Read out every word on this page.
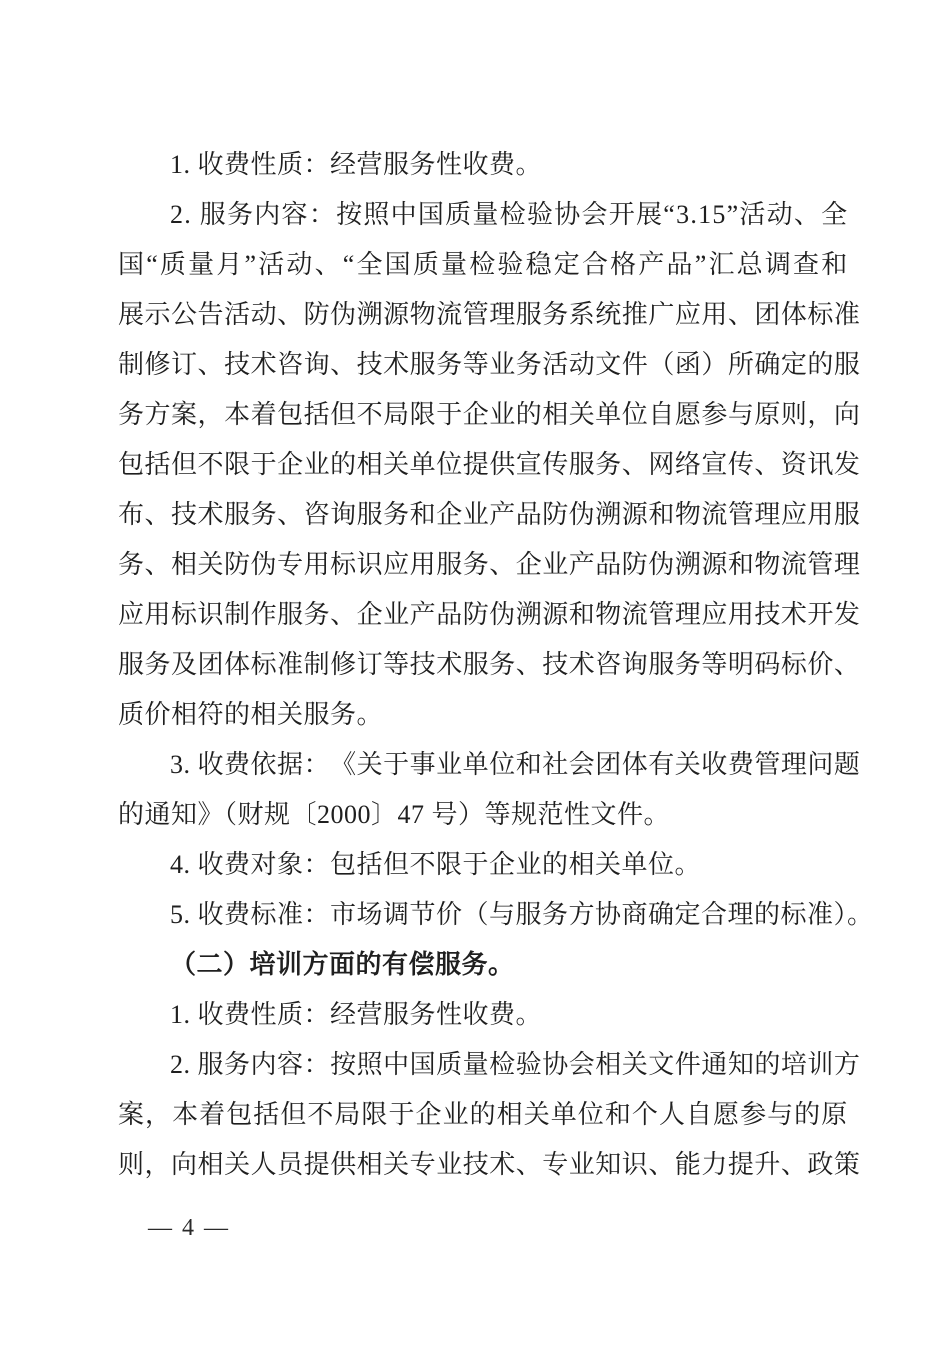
1. 收费性质：经营服务性收费。
2 .
服 务 内 容 ： 按 照 中 国 质 量 检 验 协 会 开 展 “ 3 . 1 5 ” 活 动 、 全
国 “ 质 量 月 ” 活 动 、 “ 全 国 质 量 检 验 稳 定 合 格 产 品 ” 汇 总 调 查 和
展 示 公 告 活 动 、 防 伪 溯 源 物 流 管 理 服 务 系 统 推 广 应 用 、 团 体 标 准
制 修 订 、 技 术 咨 询 、 技 术 服 务 等 业 务 活 动 文 件 （ 函 ） 所 确 定 的 服
务 方 案 ， 本 着 包 括 但 不 局 限 于 企 业 的 相 关 单 位 自 愿 参 与 原 则 ， 向
包 括 但 不 限 于 企 业 的 相 关 单 位 提 供 宣 传 服 务 、 网 络 宣 传 、 资 讯 发
布 、 技 术 服 务 、 咨 询 服 务 和 企 业 产 品 防 伪 溯 源 和 物 流 管 理 应 用 服
务 、 相 关 防 伪 专 用 标 识 应 用 服 务 、 企 业 产 品 防 伪 溯 源 和 物 流 管 理
应 用 标 识 制 作 服 务 、 企 业 产 品 防 伪 溯 源 和 物 流 管 理 应 用 技 术 开 发
服 务 及 团 体 标 准 制 修 订 等 技 术 服 务 、 技 术 咨 询 服 务 等 明 码 标 价 、
质价相符的相关服务。
3 .
收 费 依 据 ： 《 关 于 事 业 单 位 和 社 会 团 体 有 关 收 费 管 理 问 题
的通知》（财规〔2000〕47 号）等规范性文件。
4. 收费对象：包括但不限于企业的相关单位。
5. 收费标准：市场调节价（与服务方协商确定合理的标准）。
（二）培训方面的有偿服务。
1. 收费性质：经营服务性收费。
2 .
服 务 内 容 ： 按 照 中 国 质 量 检 验 协 会 相 关 文 件 通 知 的 培 训 方
案 ， 本 着 包 括 但 不 局 限 于 企 业 的 相 关 单 位 和 个 人 自 愿 参 与 的 原
则 ， 向 相 关 人 员 提 供 相 关 专 业 技 术 、 专 业 知 识 、 能 力 提 升 、 政 策
— 4 —
